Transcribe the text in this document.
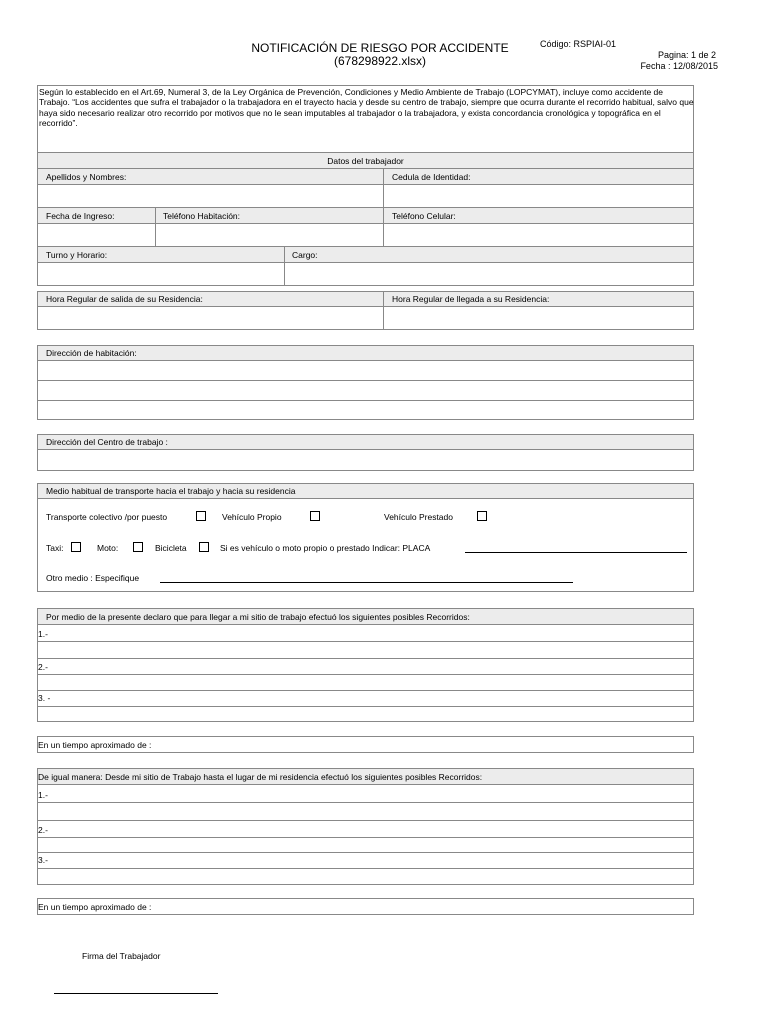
NOTIFICACIÓN DE RIESGO POR ACCIDENTE
(678298922.xlsx)
Código: RSPIAI-01
Pagina: 1 de 2
Fecha : 12/08/2015
Según lo establecido en el Art.69, Numeral 3, de la Ley Orgánica de Prevención, Condiciones y Medio Ambiente de Trabajo (LOPCYMAT), incluye como accidente de Trabajo. “Los accidentes que sufra el trabajador o la trabajadora en el trayecto hacia y desde su centro de trabajo, siempre que ocurra durante el recorrido habitual, salvo que haya sido necesario realizar otro recorrido por motivos que no le sean imputables al trabajador o la trabajadora, y exista concordancia cronológica y topográfica en el recorrido”.
Datos del trabajador
Apellidos y Nombres:	Cedula de Identidad:
Fecha de Ingreso:	Teléfono Habitación:	Teléfono Celular:
Turno y Horario:	Cargo:
Hora Regular de salida de su Residencia:	Hora Regular de llegada a su Residencia:
Dirección de habitación:
Dirección del Centro de trabajo :
Medio habitual de transporte hacia el trabajo y hacia su residencia
Transporte colectivo /por puesto	Vehículo Propio	Vehículo Prestado
Taxi:	Moto:	Bicicleta	Si es vehículo o moto propio o prestado Indicar: PLACA
Otro medio : Especifique
Por medio de la presente declaro que para llegar a mi sitio de trabajo efectuó los siguientes posibles Recorridos:
1.-
2.-
3. -
En un tiempo aproximado de :
De igual manera: Desde mi sitio de Trabajo hasta el lugar de mi residencia efectuó los siguientes posibles Recorridos:
1.-
2.-
3.-
En un tiempo aproximado de :
Firma del Trabajador
